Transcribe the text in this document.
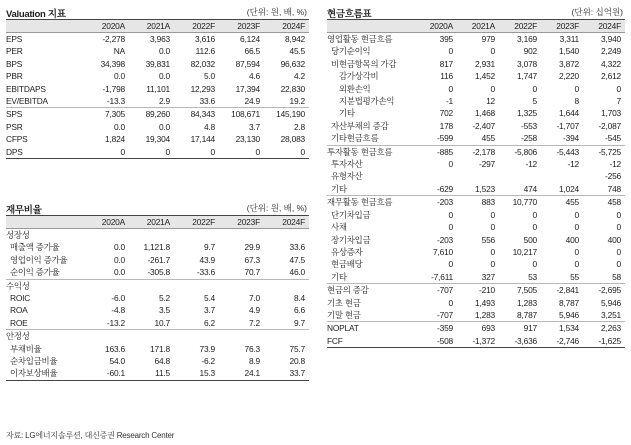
Valuation 지표	(단위: 원, 배, %)
	2020A	2021A	2022F	2023F	2024F
EPS	-2,278	3,963	3,616	6,124	8,942
PER	NA	0.0	112.6	66.5	45.5
BPS	34,398	39,831	82,032	87,594	96,632
PBR	0.0	0.0	5.0	4.6	4.2
EBITDAPS	-1,798	11,101	12,293	17,394	22,830
EV/EBITDA	-13.3	2.9	33.6	24.9	19.2
SPS	7,305	89,260	84,343	108,671	145,190
PSR	0.0	0.0	4.8	3.7	2.8
CFPS	1,824	19,304	17,144	23,130	28,083
DPS	0	0	0	0	0
재무비율	(단위: 원, 배, %)
	2020A	2021A	2022F	2023F	2024F
성장성					
매출액 증가율	0.0	1,121.8	9.7	29.9	33.6
영업이익 증가율	0.0	-261.7	43.9	67.3	47.5
순이익 증가율	0.0	-305.8	-33.6	70.7	46.0
수익성					
ROIC	-6.0	5.2	5.4	7.0	8.4
ROA	-4.8	3.5	3.7	4.9	6.6
ROE	-13.2	10.7	6.2	7.2	9.7
안정성					
부채비율	163.6	171.8	73.9	76.3	75.7
순차입금비율	54.0	64.8	-6.2	8.9	20.8
이자보상배율	-60.1	11.5	15.3	24.1	33.7
현금흐름표	(단위: 십억원)
	2020A	2021A	2022F	2023F	2024F
영업활동 현금흐름	395	979	3,169	3,311	3,940
당기순이익	0	0	902	1,540	2,249
비현금항목의 가감	817	2,931	3,078	3,872	4,322
감가상각비	116	1,452	1,747	2,220	2,612
외환손익	0	0	0	0	0
지분법평가손익	-1	12	5	8	7
기타	702	1,468	1,325	1,644	1,703
자산부채의 증감	178	-2,407	-553	-1,707	-2,087
기타현금흐름	-599	455	-258	-394	-545
투자활동 현금흐름	-885	-2,178	-5,806	-5,443	-5,725
투자자산	0	-297	-12	-12	-12
유형자산					-256
기타	-629	1,523	474	1,024	748
재무활동 현금흐름	-203	883	10,770	455	458
단기차입금	0	0	0	0	0
사채	0	0	0	0	0
장기차입금	-203	556	500	400	400
유상증자	7,610	0	10,217	0	0
현금배당	0	0	0	0	0
기타	-7,611	327	53	55	58
현금의 증감	-707	-210	7,505	-2,841	-2,695
기초 현금	0	1,493	1,283	8,787	5,946
기말 현금	-707	1,283	8,787	5,946	3,251
NOPLAT	-359	693	917	1,534	2,263
FCF	-508	-1,372	-3,636	-2,746	-1,625
자료: LG에너지솔루션, 대신증권 Research Center
